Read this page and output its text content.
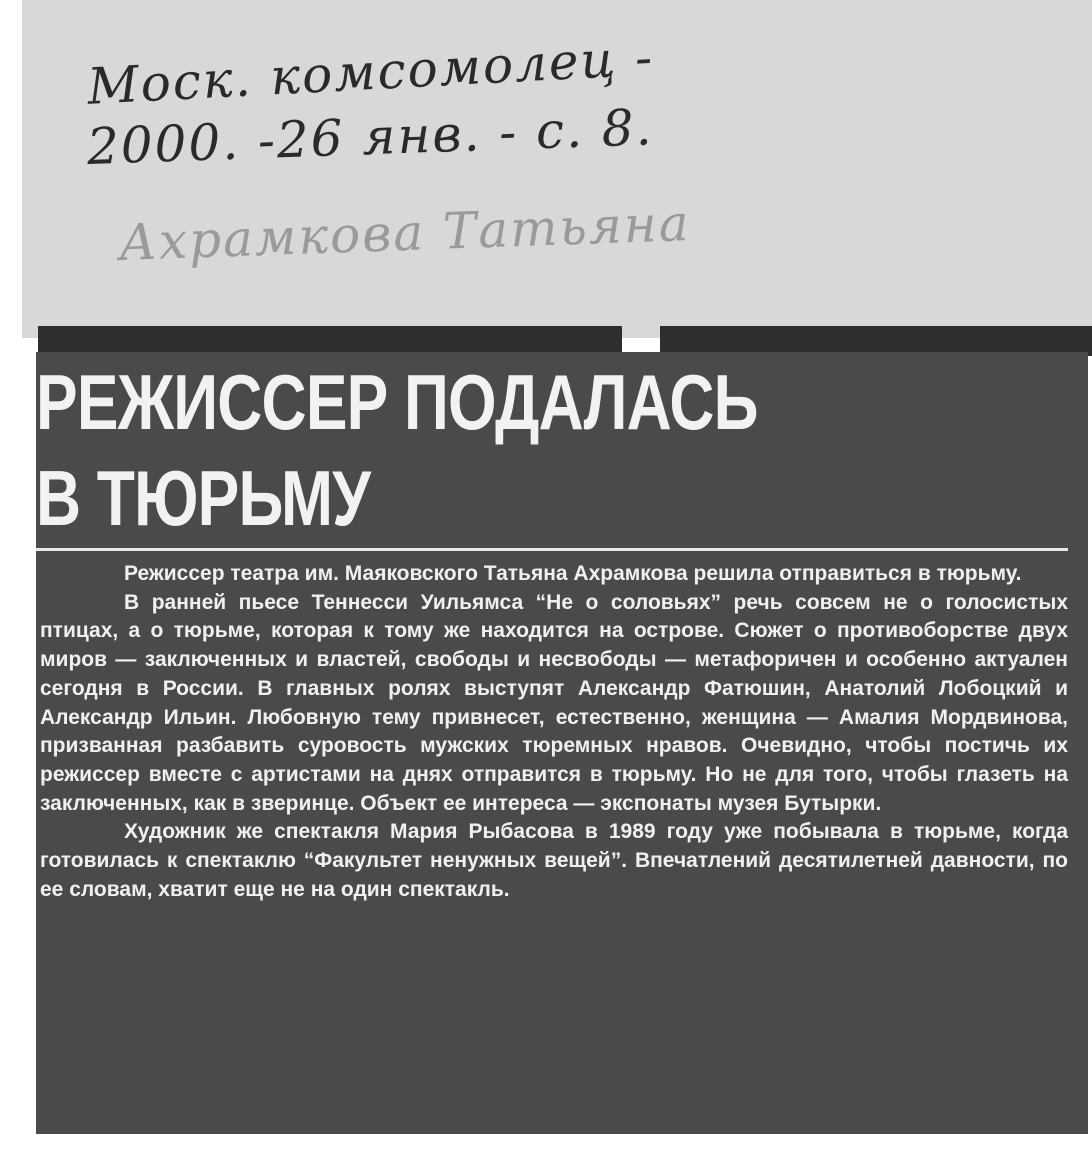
Моск. комсомолец -
2000. -26 янв. - с. 8.
Ахрамкова Татьяна
РЕЖИССЕР ПОДАЛАСЬ
В ТЮРЬМУ

Режиссер театра им. Маяковского Татьяна Ахрамкова решила отправиться в тюрьму.

В ранней пьесе Теннесси Уильямса “Не о соловьях” речь совсем не о голосистых птицах, а о тюрьме, которая к тому же находится на острове. Сюжет о противоборстве двух миров — заключенных и властей, свободы и несвободы — метафоричен и особенно актуален сегодня в России. В главных ролях выступят Александр Фатюшин, Анатолий Лобоцкий и Александр Ильин. Любовную тему привнесет, естественно, женщина — Амалия Мордвинова, призванная разбавить суровость мужских тюремных нравов. Очевидно, чтобы постичь их режиссер вместе с артистами на днях отправится в тюрьму. Но не для того, чтобы глазеть на заключенных, как в зверинце. Объект ее интереса — экспонаты музея Бутырки.

Художник же спектакля Мария Рыбасова в 1989 году уже побывала в тюрьме, когда готовилась к спектаклю “Факультет ненужных вещей”. Впечатлений десятилетней давности, по ее словам, хватит еще не на один спектакль.
